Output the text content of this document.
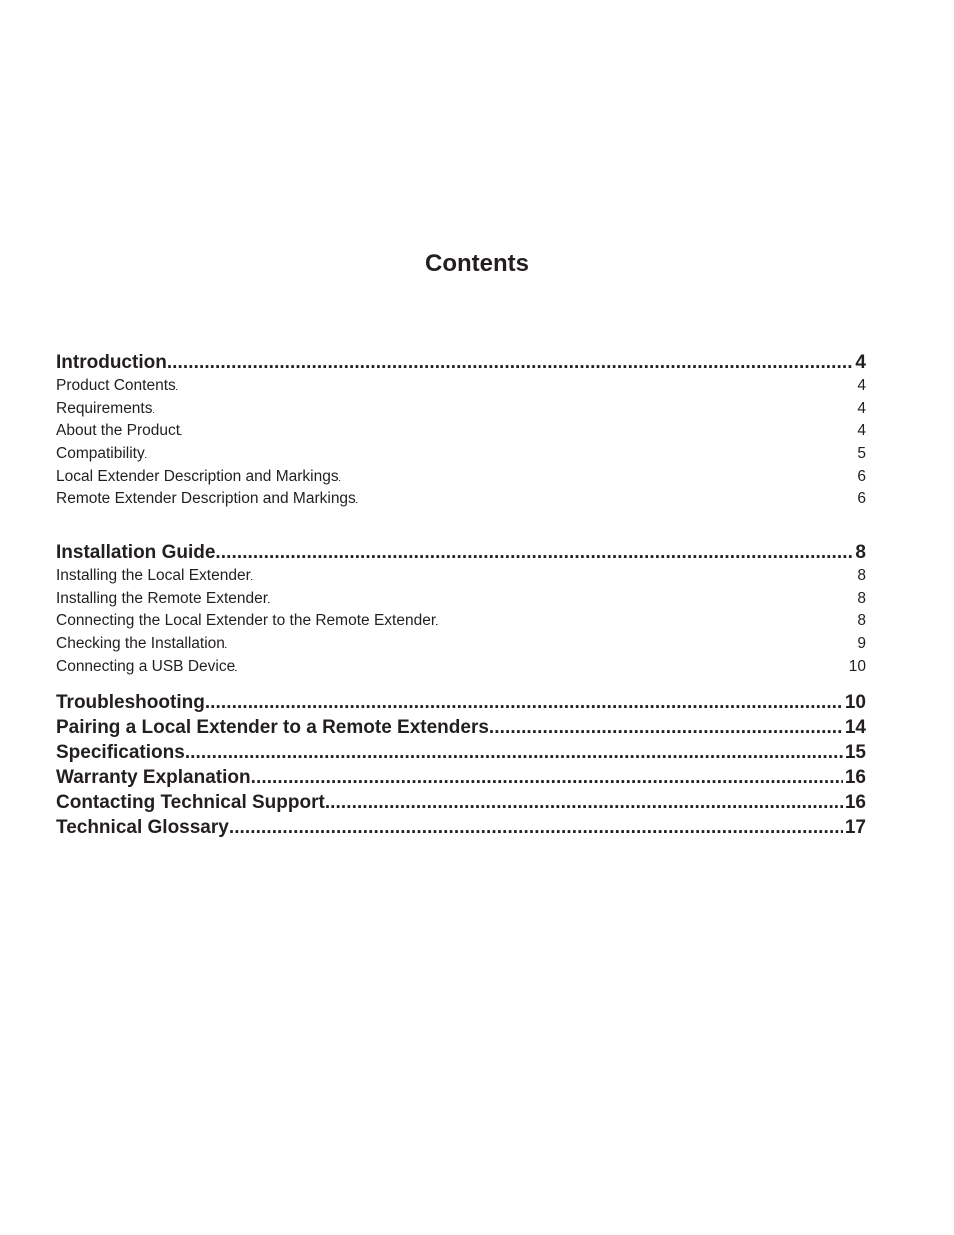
Contents
Introduction . . .	4
Product Contents . . .	4
Requirements . . .	4
About the Product . . .	4
Compatibility . . .	5
Local Extender Description and Markings . . .	6
Remote Extender Description and Markings . . .	6
Installation Guide . . .	8
Installing the Local Extender . . .	8
Installing the Remote Extender . . .	8
Connecting the Local Extender to the Remote Extender . . .	8
Checking the Installation . . .	9
Connecting a USB Device . . .	10
Troubleshooting . . .	10
Pairing a Local Extender to a Remote Extenders . . .	14
Specifications . . .	15
Warranty Explanation . . .	16
Contacting Technical Support . . .	16
Technical Glossary . . .	17
